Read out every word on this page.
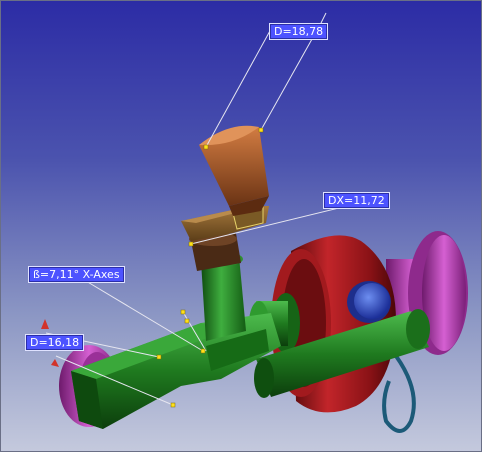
D=18,78
DX=11,72
ß=7,11° X-Axes
D=16,18
